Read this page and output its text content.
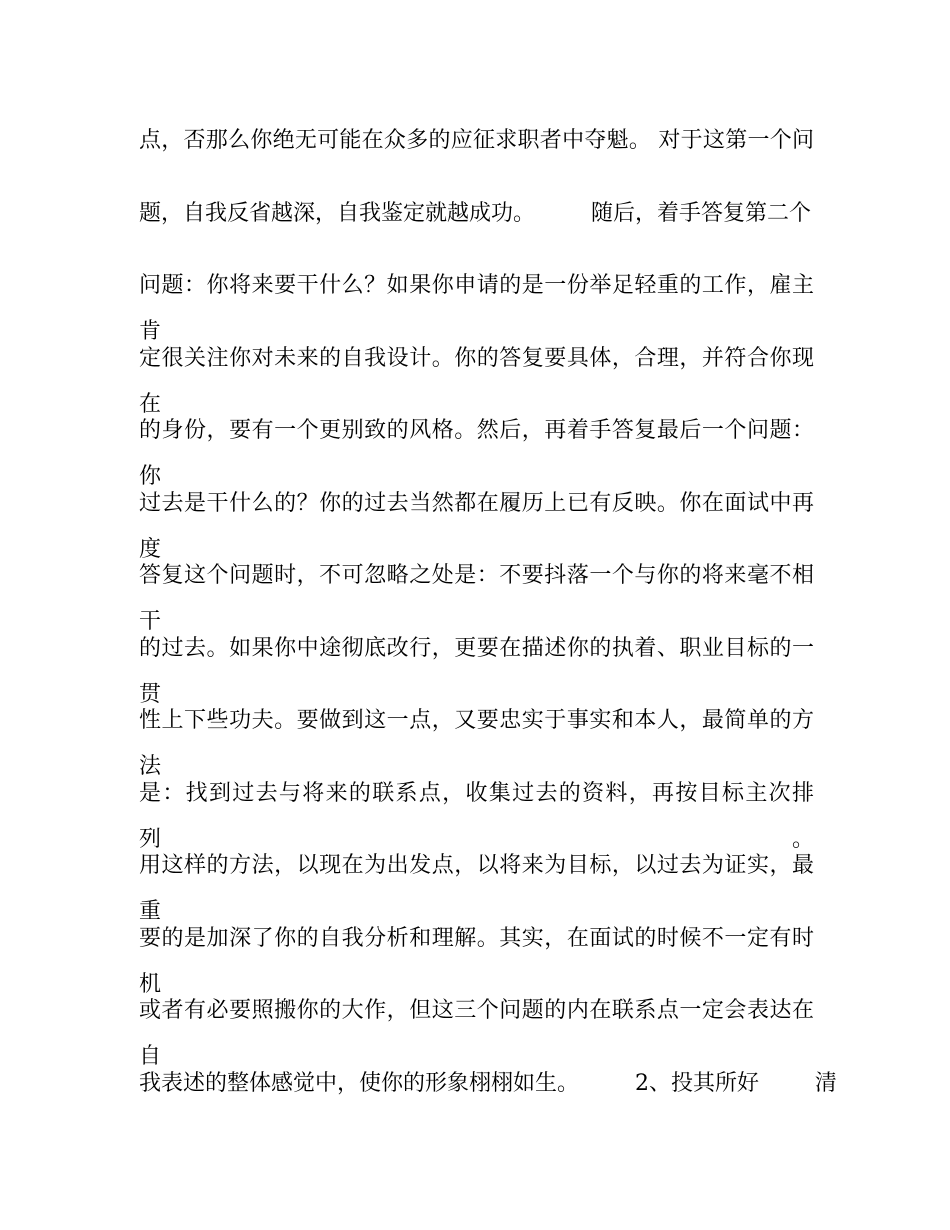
点，否那么你绝无可能在众多的应征求职者中夺魁。 对于这第一个问
题，自我反省越深，自我鉴定就越成功。        随后，着手答复第二个
问题：你将来要干什么？如果你申请的是一份举足轻重的工作，雇主肯
定很关注你对未来的自我设计。你的答复要具体，合理，并符合你现在
的身份，要有一个更别致的风格。然后，再着手答复最后一个问题：你
过去是干什么的？你的过去当然都在履历上已有反映。你在面试中再度
答复这个问题时，不可忽略之处是：不要抖落一个与你的将来毫不相干
的过去。如果你中途彻底改行，更要在描述你的执着、职业目标的一贯
性上下些功夫。要做到这一点，又要忠实于事实和本人，最简单的方法
是：找到过去与将来的联系点，收集过去的资料，再按目标主次排列。
用这样的方法，以现在为出发点，以将来为目标，以过去为证实，最重
要的是加深了你的自我分析和理解。其实，在面试的时候不一定有时机
或者有必要照搬你的大作，但这三个问题的内在联系点一定会表达在自
我表述的整体感觉中，使你的形象栩栩如生。        2、投其所好        清
